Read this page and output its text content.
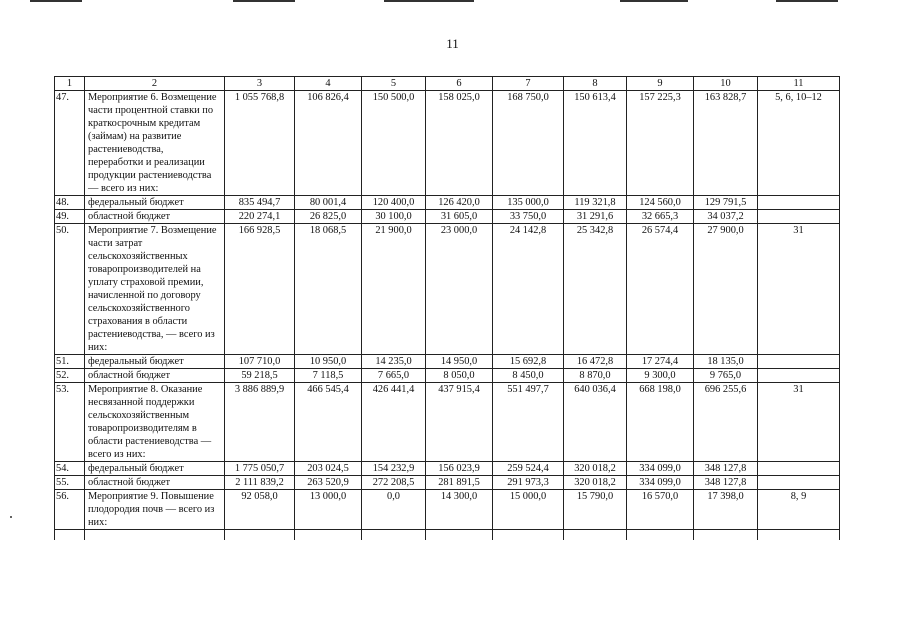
11
1	2	3	4	5	6	7	8	9	10	11
47.	Мероприятие 6. Возмещение части процентной ставки по краткосрочным кредитам (займам) на развитие растениеводства, переработки и реализации продукции растениеводства — всего из них:	1 055 768,8	106 826,4	150 500,0	158 025,0	168 750,0	150 613,4	157 225,3	163 828,7	5, 6, 10–12
48.	федеральный бюджет	835 494,7	80 001,4	120 400,0	126 420,0	135 000,0	119 321,8	124 560,0	129 791,5	
49.	областной бюджет	220 274,1	26 825,0	30 100,0	31 605,0	33 750,0	31 291,6	32 665,3	34 037,2	
50.	Мероприятие 7. Возмещение части затрат сельскохозяйственных товаропроизводителей на уплату страховой премии, начисленной по договору сельскохозяйственного страхования в области растениеводства, — всего из них:	166 928,5	18 068,5	21 900,0	23 000,0	24 142,8	25 342,8	26 574,4	27 900,0	31
51.	федеральный бюджет	107 710,0	10 950,0	14 235,0	14 950,0	15 692,8	16 472,8	17 274,4	18 135,0	
52.	областной бюджет	59 218,5	7 118,5	7 665,0	8 050,0	8 450,0	8 870,0	9 300,0	9 765,0	
53.	Мероприятие 8. Оказание несвязанной поддержки сельскохозяйственным товаропроизводителям в области растениеводства — всего из них:	3 886 889,9	466 545,4	426 441,4	437 915,4	551 497,7	640 036,4	668 198,0	696 255,6	31
54.	федеральный бюджет	1 775 050,7	203 024,5	154 232,9	156 023,9	259 524,4	320 018,2	334 099,0	348 127,8	
55.	областной бюджет	2 111 839,2	263 520,9	272 208,5	281 891,5	291 973,3	320 018,2	334 099,0	348 127,8	
56.	Мероприятие 9. Повышение плодородия почв — всего из них:	92 058,0	13 000,0	0,0	14 300,0	15 000,0	15 790,0	16 570,0	17 398,0	8, 9
